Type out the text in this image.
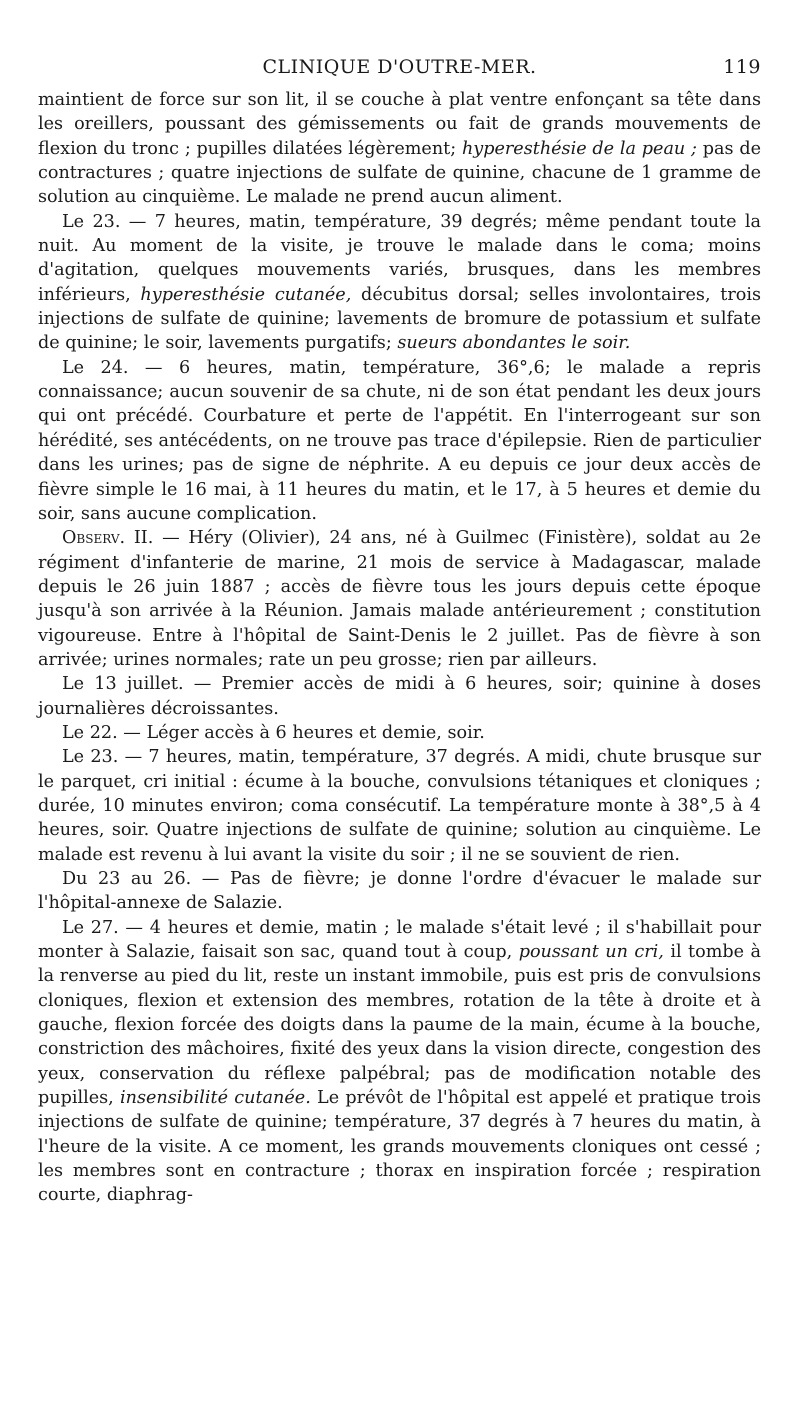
CLINIQUE D'OUTRE-MER.	119

maintient de force sur son lit, il se couche à plat ventre enfonçant sa tête dans les oreillers, poussant des gémissements ou fait de grands mouvements de flexion du tronc ; pupilles dilatées légèrement; hyperesthésie de la peau ; pas de contractures ; quatre injections de sulfate de quinine, chacune de 1 gramme de solution au cinquième. Le malade ne prend aucun aliment.

Le 23. — 7 heures, matin, température, 39 degrés; même pendant toute la nuit. Au moment de la visite, je trouve le malade dans le coma; moins d'agitation, quelques mouvements variés, brusques, dans les membres inférieurs, hyperesthésie cutanée, décubitus dorsal; selles involontaires, trois injections de sulfate de quinine; lavements de bromure de potassium et sulfate de quinine; le soir, lavements purgatifs; sueurs abondantes le soir.

Le 24. — 6 heures, matin, température, 36°,6; le malade a repris connaissance; aucun souvenir de sa chute, ni de son état pendant les deux jours qui ont précédé. Courbature et perte de l'appétit. En l'interrogeant sur son hérédité, ses antécédents, on ne trouve pas trace d'épilepsie. Rien de particulier dans les urines; pas de signe de néphrite. A eu depuis ce jour deux accès de fièvre simple le 16 mai, à 11 heures du matin, et le 17, à 5 heures et demie du soir, sans aucune complication.

Observ. II. — Héry (Olivier), 24 ans, né à Guilmec (Finistère), soldat au 2e régiment d'infanterie de marine, 21 mois de service à Madagascar, malade depuis le 26 juin 1887 ; accès de fièvre tous les jours depuis cette époque jusqu'à son arrivée à la Réunion. Jamais malade antérieurement ; constitution vigoureuse. Entre à l'hôpital de Saint-Denis le 2 juillet. Pas de fièvre à son arrivée; urines normales; rate un peu grosse; rien par ailleurs.

Le 13 juillet. — Premier accès de midi à 6 heures, soir; quinine à doses journalières décroissantes.

Le 22. — Léger accès à 6 heures et demie, soir.

Le 23. — 7 heures, matin, température, 37 degrés. A midi, chute brusque sur le parquet, cri initial : écume à la bouche, convulsions tétaniques et cloniques ; durée, 10 minutes environ; coma consécutif. La température monte à 38°,5 à 4 heures, soir. Quatre injections de sulfate de quinine; solution au cinquième. Le malade est revenu à lui avant la visite du soir ; il ne se souvient de rien.

Du 23 au 26. — Pas de fièvre; je donne l'ordre d'évacuer le malade sur l'hôpital-annexe de Salazie.

Le 27. — 4 heures et demie, matin ; le malade s'était levé ; il s'habillait pour monter à Salazie, faisait son sac, quand tout à coup, poussant un cri, il tombe à la renverse au pied du lit, reste un instant immobile, puis est pris de convulsions cloniques, flexion et extension des membres, rotation de la tête à droite et à gauche, flexion forcée des doigts dans la paume de la main, écume à la bouche, constriction des mâchoires, fixité des yeux dans la vision directe, congestion des yeux, conservation du réflexe palpébral; pas de modification notable des pupilles, insensibilité cutanée. Le prévôt de l'hôpital est appelé et pratique trois injections de sulfate de quinine; température, 37 degrés à 7 heures du matin, à l'heure de la visite. A ce moment, les grands mouvements cloniques ont cessé ; les membres sont en contracture ; thorax en inspiration forcée ; respiration courte, diaphrag-
